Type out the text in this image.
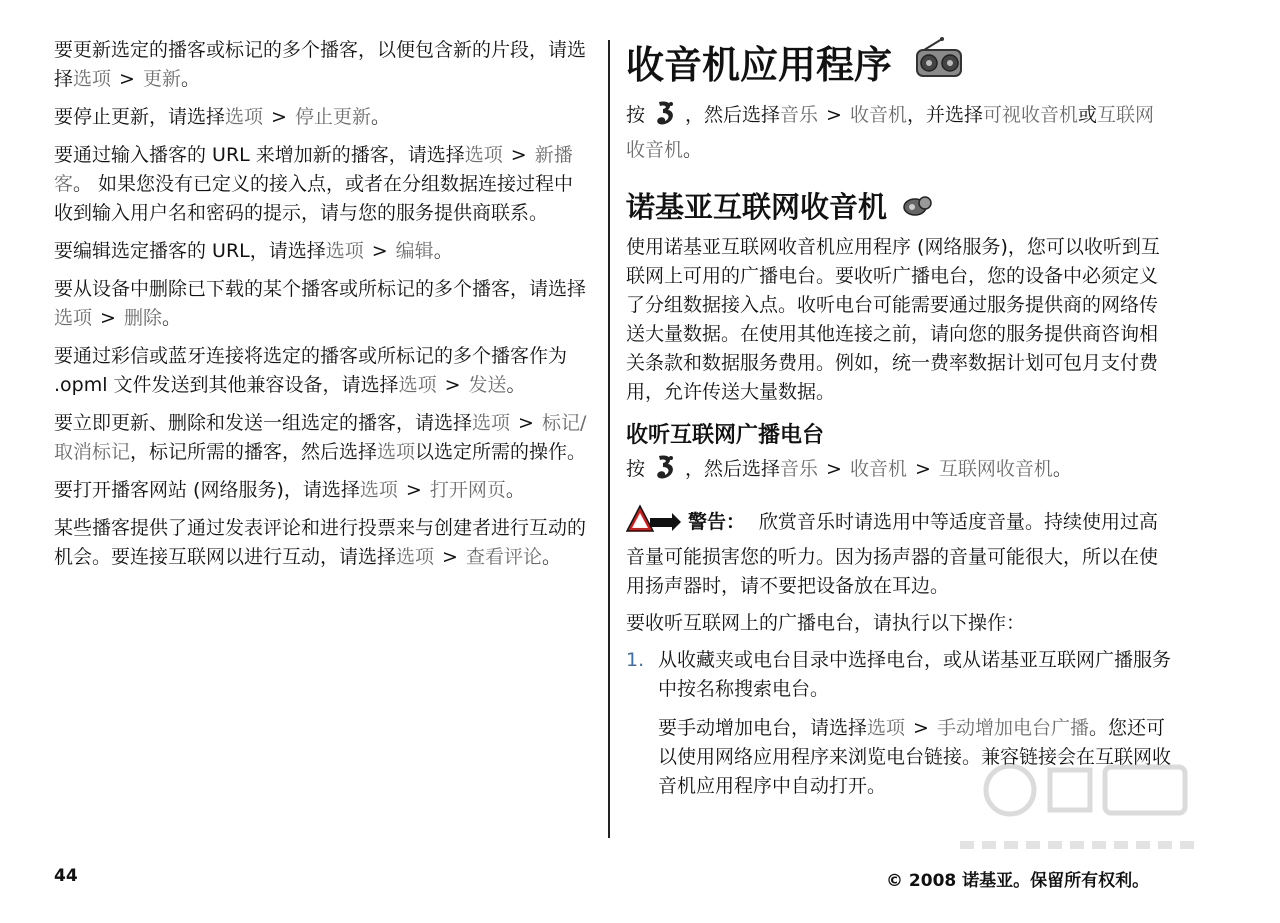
要更新选定的播客或标记的多个播客，以便包含新的片段，请选择选项 > 更新。

要停止更新，请选择选项 > 停止更新。

要通过输入播客的 URL 来增加新的播客，请选择选项 > 新播客。 如果您没有已定义的接入点，或者在分组数据连接过程中收到输入用户名和密码的提示，请与您的服务提供商联系。

要编辑选定播客的 URL，请选择选项 > 编辑。

要从设备中删除已下载的某个播客或所标记的多个播客，请选择选项 > 删除。

要通过彩信或蓝牙连接将选定的播客或所标记的多个播客作为 .opml 文件发送到其他兼容设备，请选择选项 > 发送。

要立即更新、删除和发送一组选定的播客，请选择选项 > 标记/取消标记，标记所需的播客，然后选择选项以选定所需的操作。

要打开播客网站 (网络服务)，请选择选项 > 打开网页。

某些播客提供了通过发表评论和进行投票来与创建者进行互动的机会。要连接互联网以进行互动，请选择选项 > 查看评论。

收音机应用程序

按 ，然后选择音乐 > 收音机，并选择可视收音机或互联网收音机。

诺基亚互联网收音机

使用诺基亚互联网收音机应用程序 (网络服务)，您可以收听到互联网上可用的广播电台。要收听广播电台，您的设备中必须定义了分组数据接入点。收听电台可能需要通过服务提供商的网络传送大量数据。在使用其他连接之前，请向您的服务提供商咨询相关条款和数据服务费用。例如，统一费率数据计划可包月支付费用，允许传送大量数据。

收听互联网广播电台

按 ，然后选择音乐 > 收音机 > 互联网收音机。

警告： 欣赏音乐时请选用中等适度音量。持续使用过高音量可能损害您的听力。因为扬声器的音量可能很大，所以在使用扬声器时，请不要把设备放在耳边。

要收听互联网上的广播电台，请执行以下操作：

1. 从收藏夹或电台目录中选择电台，或从诺基亚互联网广播服务中按名称搜索电台。

要手动增加电台，请选择选项 > 手动增加电台广播。您还可以使用网络应用程序来浏览电台链接。兼容链接会在互联网收音机应用程序中自动打开。

44	© 2008 诺基亚。保留所有权利。
